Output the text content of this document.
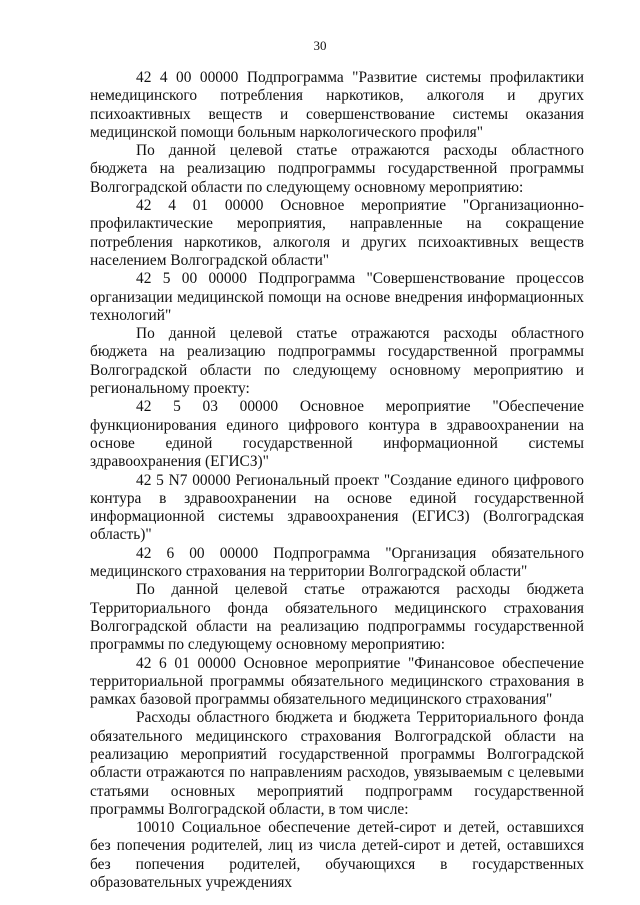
30

42 4 00 00000 Подпрограмма "Развитие системы профилактики немедицинского потребления наркотиков, алкоголя и других психоактивных веществ и совершенствование системы оказания медицинской помощи больным наркологического профиля"

По данной целевой статье отражаются расходы областного бюджета на реализацию подпрограммы государственной программы Волгоградской области по следующему основному мероприятию:

42 4 01 00000 Основное мероприятие "Организационно-профилактические мероприятия, направленные на сокращение потребления наркотиков, алкоголя и других психоактивных веществ населением Волгоградской области"

42 5 00 00000 Подпрограмма "Совершенствование процессов организации медицинской помощи на основе внедрения информационных технологий"

По данной целевой статье отражаются расходы областного бюджета на реализацию подпрограммы государственной программы Волгоградской области по следующему основному мероприятию и региональному проекту:

42 5 03 00000 Основное мероприятие "Обеспечение функционирования единого цифрового контура в здравоохранении на основе единой государственной информационной системы здравоохранения (ЕГИСЗ)"

42 5 N7 00000 Региональный проект "Создание единого цифрового контура в здравоохранении на основе единой государственной информационной системы здравоохранения (ЕГИСЗ) (Волгоградская область)"

42 6 00 00000 Подпрограмма "Организация обязательного медицинского страхования на территории Волгоградской области"

По данной целевой статье отражаются расходы бюджета Территориального фонда обязательного медицинского страхования Волгоградской области на реализацию подпрограммы государственной программы по следующему основному мероприятию:

42 6 01 00000 Основное мероприятие "Финансовое обеспечение территориальной программы обязательного медицинского страхования в рамках базовой программы обязательного медицинского страхования"

Расходы областного бюджета и бюджета Территориального фонда обязательного медицинского страхования Волгоградской области на реализацию мероприятий государственной программы Волгоградской области отражаются по направлениям расходов, увязываемым с целевыми статьями основных мероприятий подпрограмм государственной программы Волгоградской области, в том числе:

10010 Социальное обеспечение детей-сирот и детей, оставшихся без попечения родителей, лиц из числа детей-сирот и детей, оставшихся без попечения родителей, обучающихся в государственных образовательных учреждениях
